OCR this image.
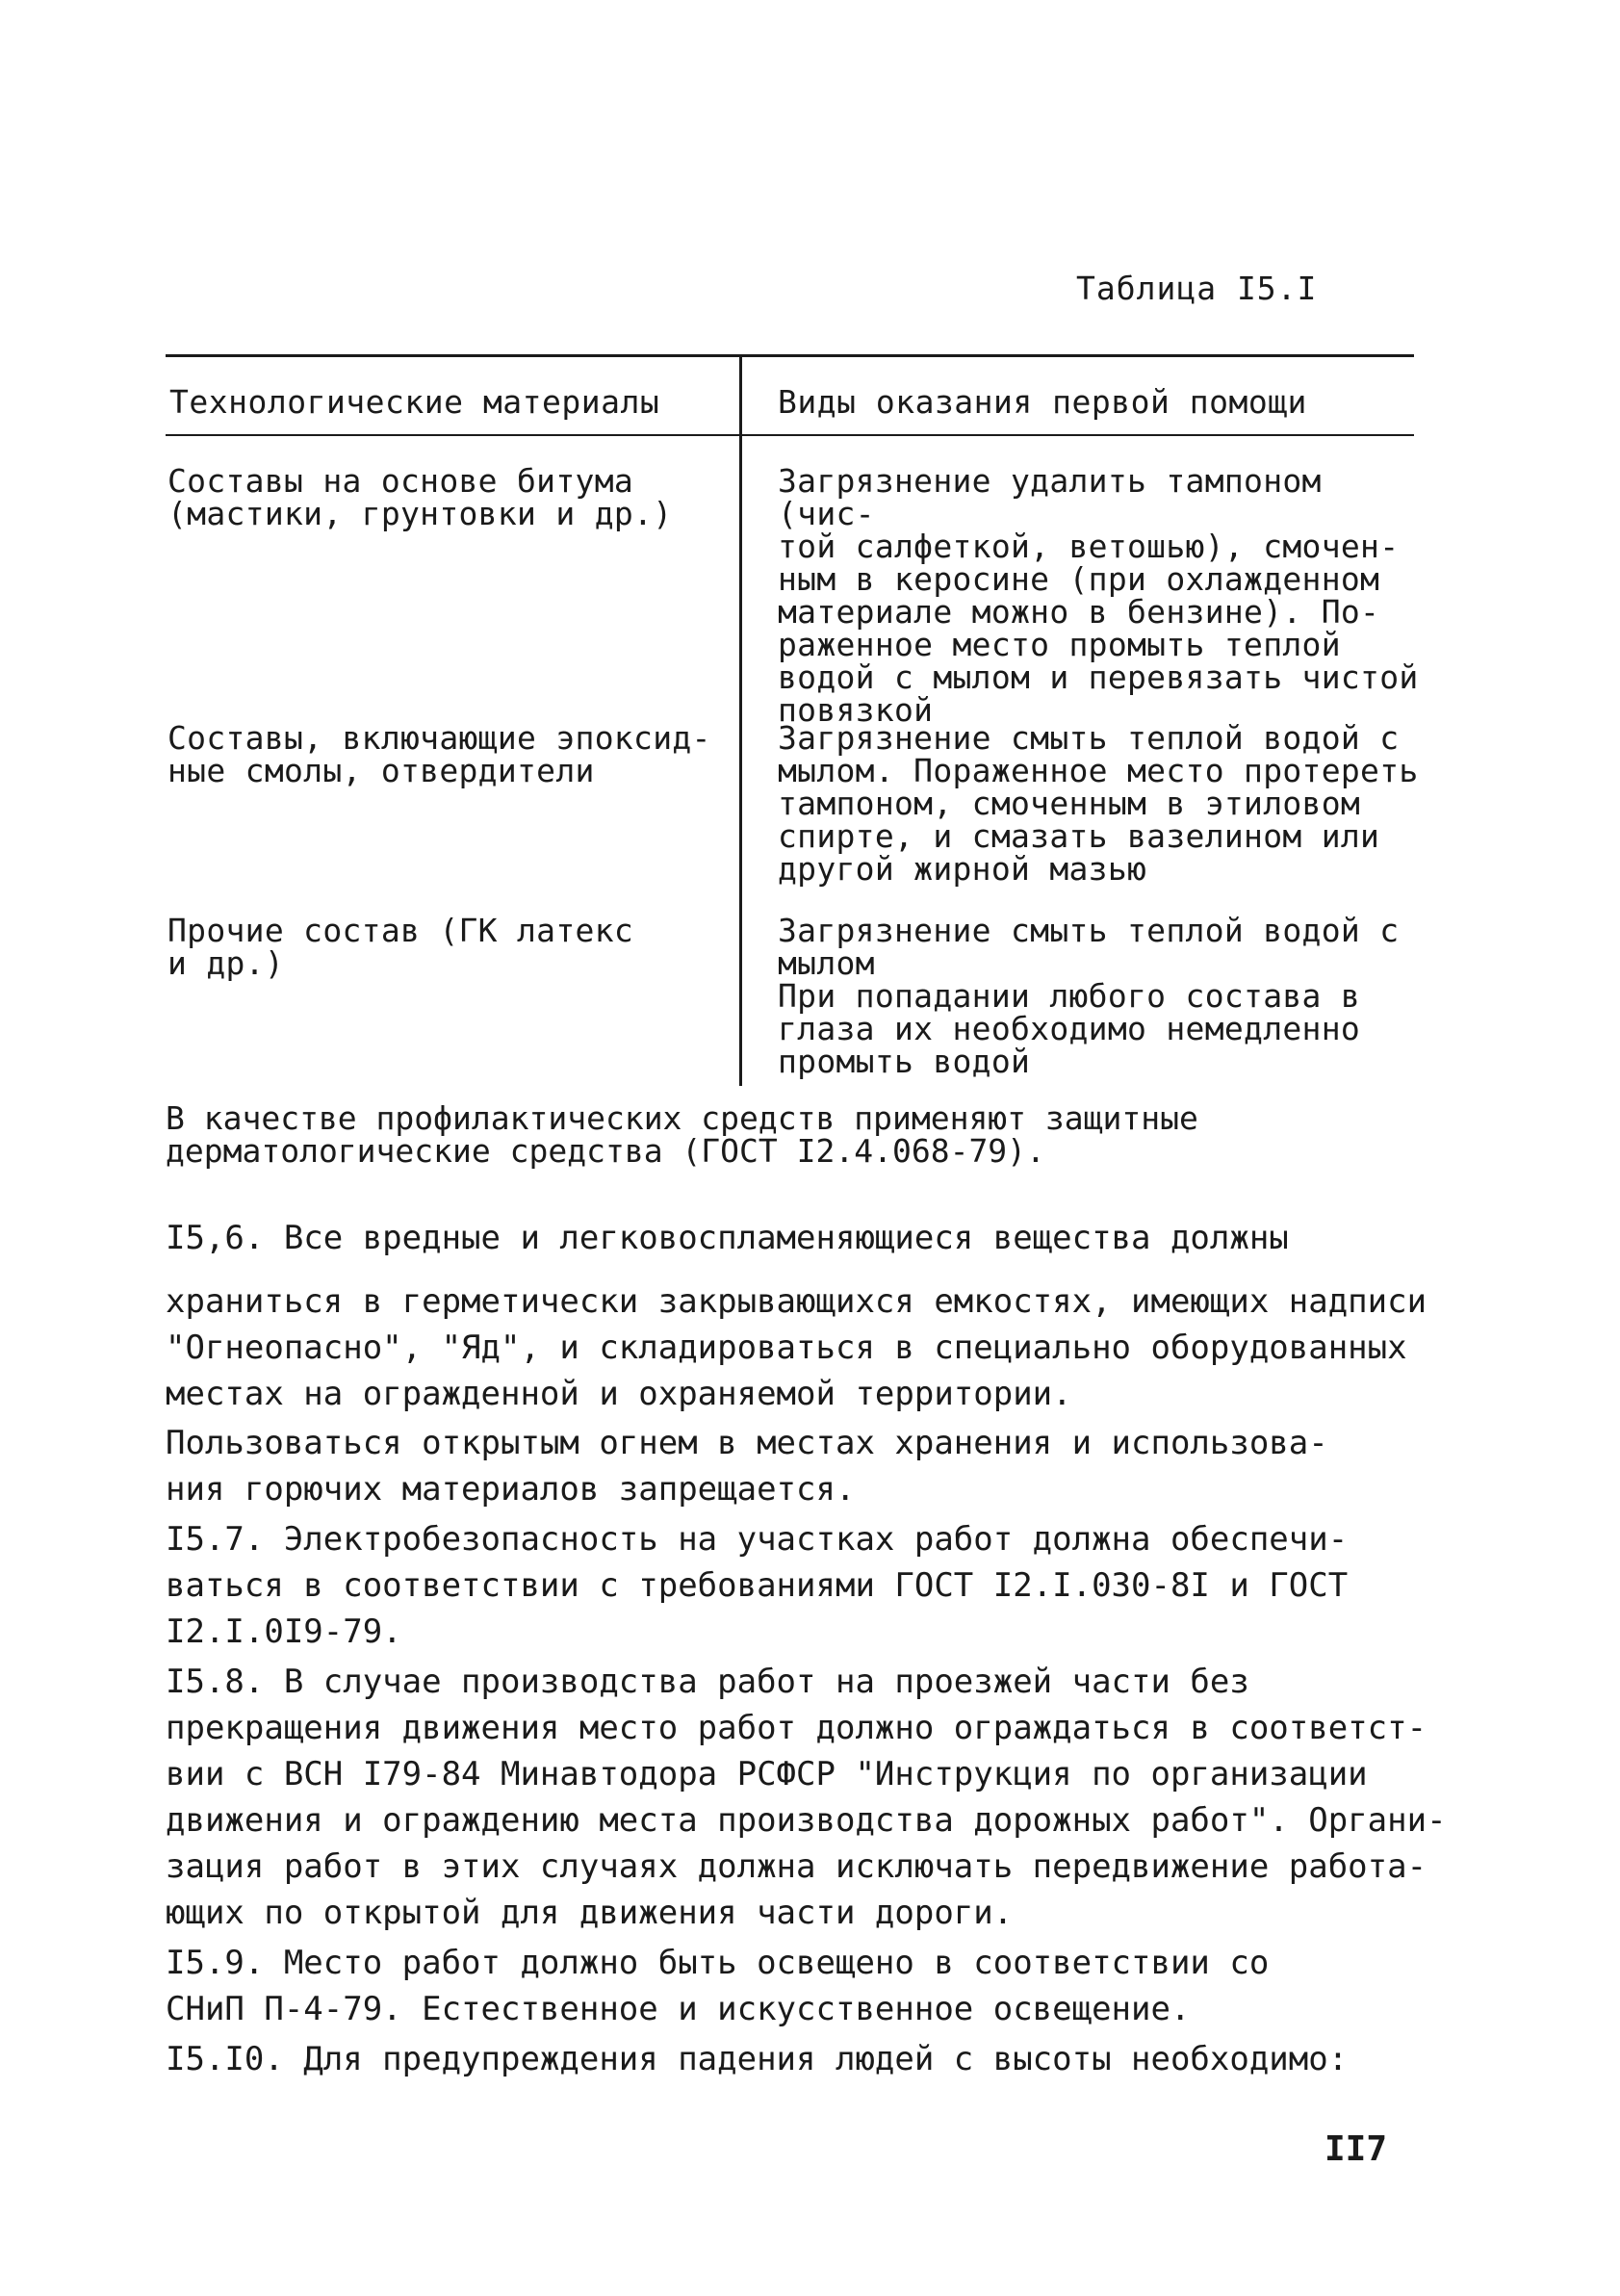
Таблица I5.I
Технологические материалы	Виды оказания первой помощи
Составы на основе битума
(мастики, грунтовки и др.)
Загрязнение удалить тампоном (чис-
той салфеткой, ветошью), смочен-
ным в керосине (при охлажденном
материале можно в бензине). По-
раженное место промыть теплой
водой с мылом и перевязать чистой
повязкой
Составы, включающие эпоксид-
ные смолы, отвердители
Загрязнение смыть теплой водой с
мылом. Пораженное место протереть
тампоном, смоченным в этиловом
спирте, и смазать вазелином или
другой жирной мазью
Прочие состав (ГК латекс
и др.)
Загрязнение смыть теплой водой с
мылом
При попадании любого состава в
глаза их необходимо немедленно
промыть водой
В качестве профилактических средств применяют защитные
дерматологические средства (ГОСТ I2.4.068-79).
I5,6. Все вредные и легковоспламеняющиеся вещества должны
храниться в герметически закрывающихся емкостях, имеющих надписи
"Огнеопасно", "Яд", и складироваться в специально оборудованных
местах на огражденной и охраняемой территории.
Пользоваться открытым огнем в местах хранения и использова-
ния горючих материалов запрещается.
I5.7. Электробезопасность на участках работ должна обеспечи-
ваться в соответствии с требованиями ГОСТ I2.I.030-8I и ГОСТ
I2.I.0I9-79.
I5.8. В случае производства работ на проезжей части без
прекращения движения место работ должно ограждаться в соответст-
вии с ВСН I79-84 Минавтодора РСФСР "Инструкция по организации
движения и ограждению места производства дорожных работ". Органи-
зация работ в этих случаях должна исключать передвижение работа-
ющих по открытой для движения части дороги.
I5.9. Место работ должно быть освещено в соответствии со
СНиП П-4-79. Естественное и искусственное освещение.
I5.I0. Для предупреждения падения людей с высоты необходимо:
II7
